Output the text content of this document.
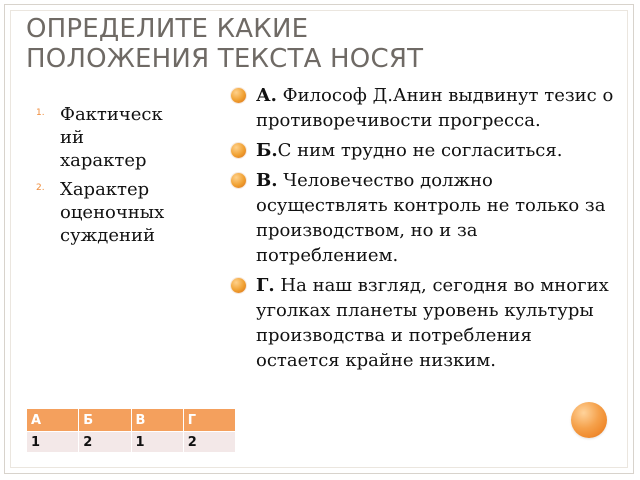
ОПРЕДЕЛИТЕ КАКИЕ
ПОЛОЖЕНИЯ ТЕКСТА НОСЯТ
1. Фактическ
ий
характер
2. Характер
оценочных
суждений
А. Философ Д.Анин выдвинут тезис о противоречивости прогресса.
Б.С ним трудно не согласиться.
В. Человечество должно осуществлять контроль не только за производством, но и за потреблением.
Г. На наш взгляд, сегодня во многих уголках планеты уровень культуры производства и потребления остается крайне низким.
А	Б	В	Г
1	2	1	2
